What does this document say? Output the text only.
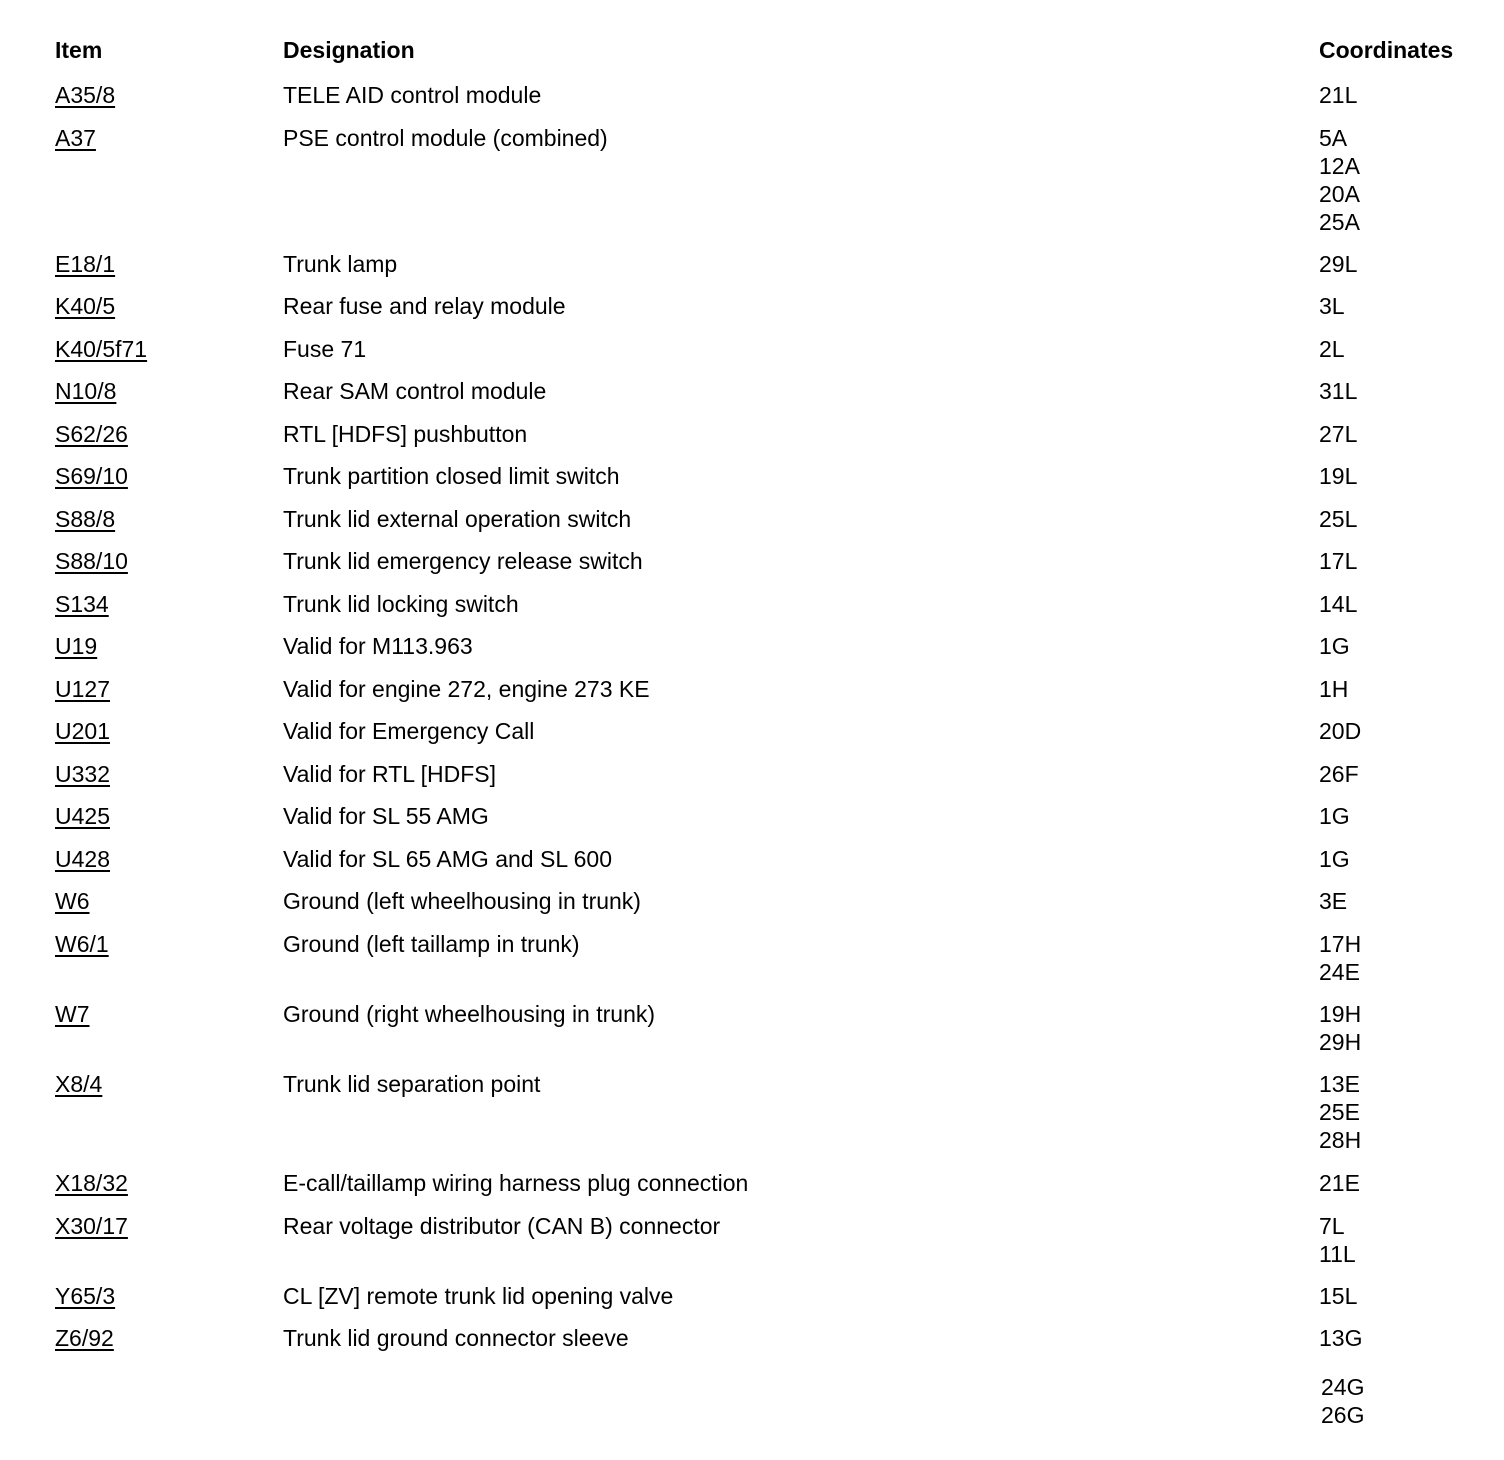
Item	Designation	Coordinates
A35/8	TELE AID control module	21L
A37	PSE control module (combined)	5A
12A
20A
25A
E18/1	Trunk lamp	29L
K40/5	Rear fuse and relay module	3L
K40/5f71	Fuse 71	2L
N10/8	Rear SAM control module	31L
S62/26	RTL [HDFS] pushbutton	27L
S69/10	Trunk partition closed limit switch	19L
S88/8	Trunk lid external operation switch	25L
S88/10	Trunk lid emergency release switch	17L
S134	Trunk lid locking switch	14L
U19	Valid for M113.963	1G
U127	Valid for engine 272, engine 273 KE	1H
U201	Valid for Emergency Call	20D
U332	Valid for RTL [HDFS]	26F
U425	Valid for SL 55 AMG	1G
U428	Valid for SL 65 AMG and SL 600	1G
W6	Ground (left wheelhousing in trunk)	3E
W6/1	Ground (left taillamp in trunk)	17H
24E
W7	Ground (right wheelhousing in trunk)	19H
29H
X8/4	Trunk lid separation point	13E
25E
28H
X18/32	E-call/taillamp wiring harness plug connection	21E
X30/17	Rear voltage distributor (CAN B) connector	7L
11L
Y65/3	CL [ZV] remote trunk lid opening valve	15L
Z6/92	Trunk lid ground connector sleeve	13G
24G
26G
